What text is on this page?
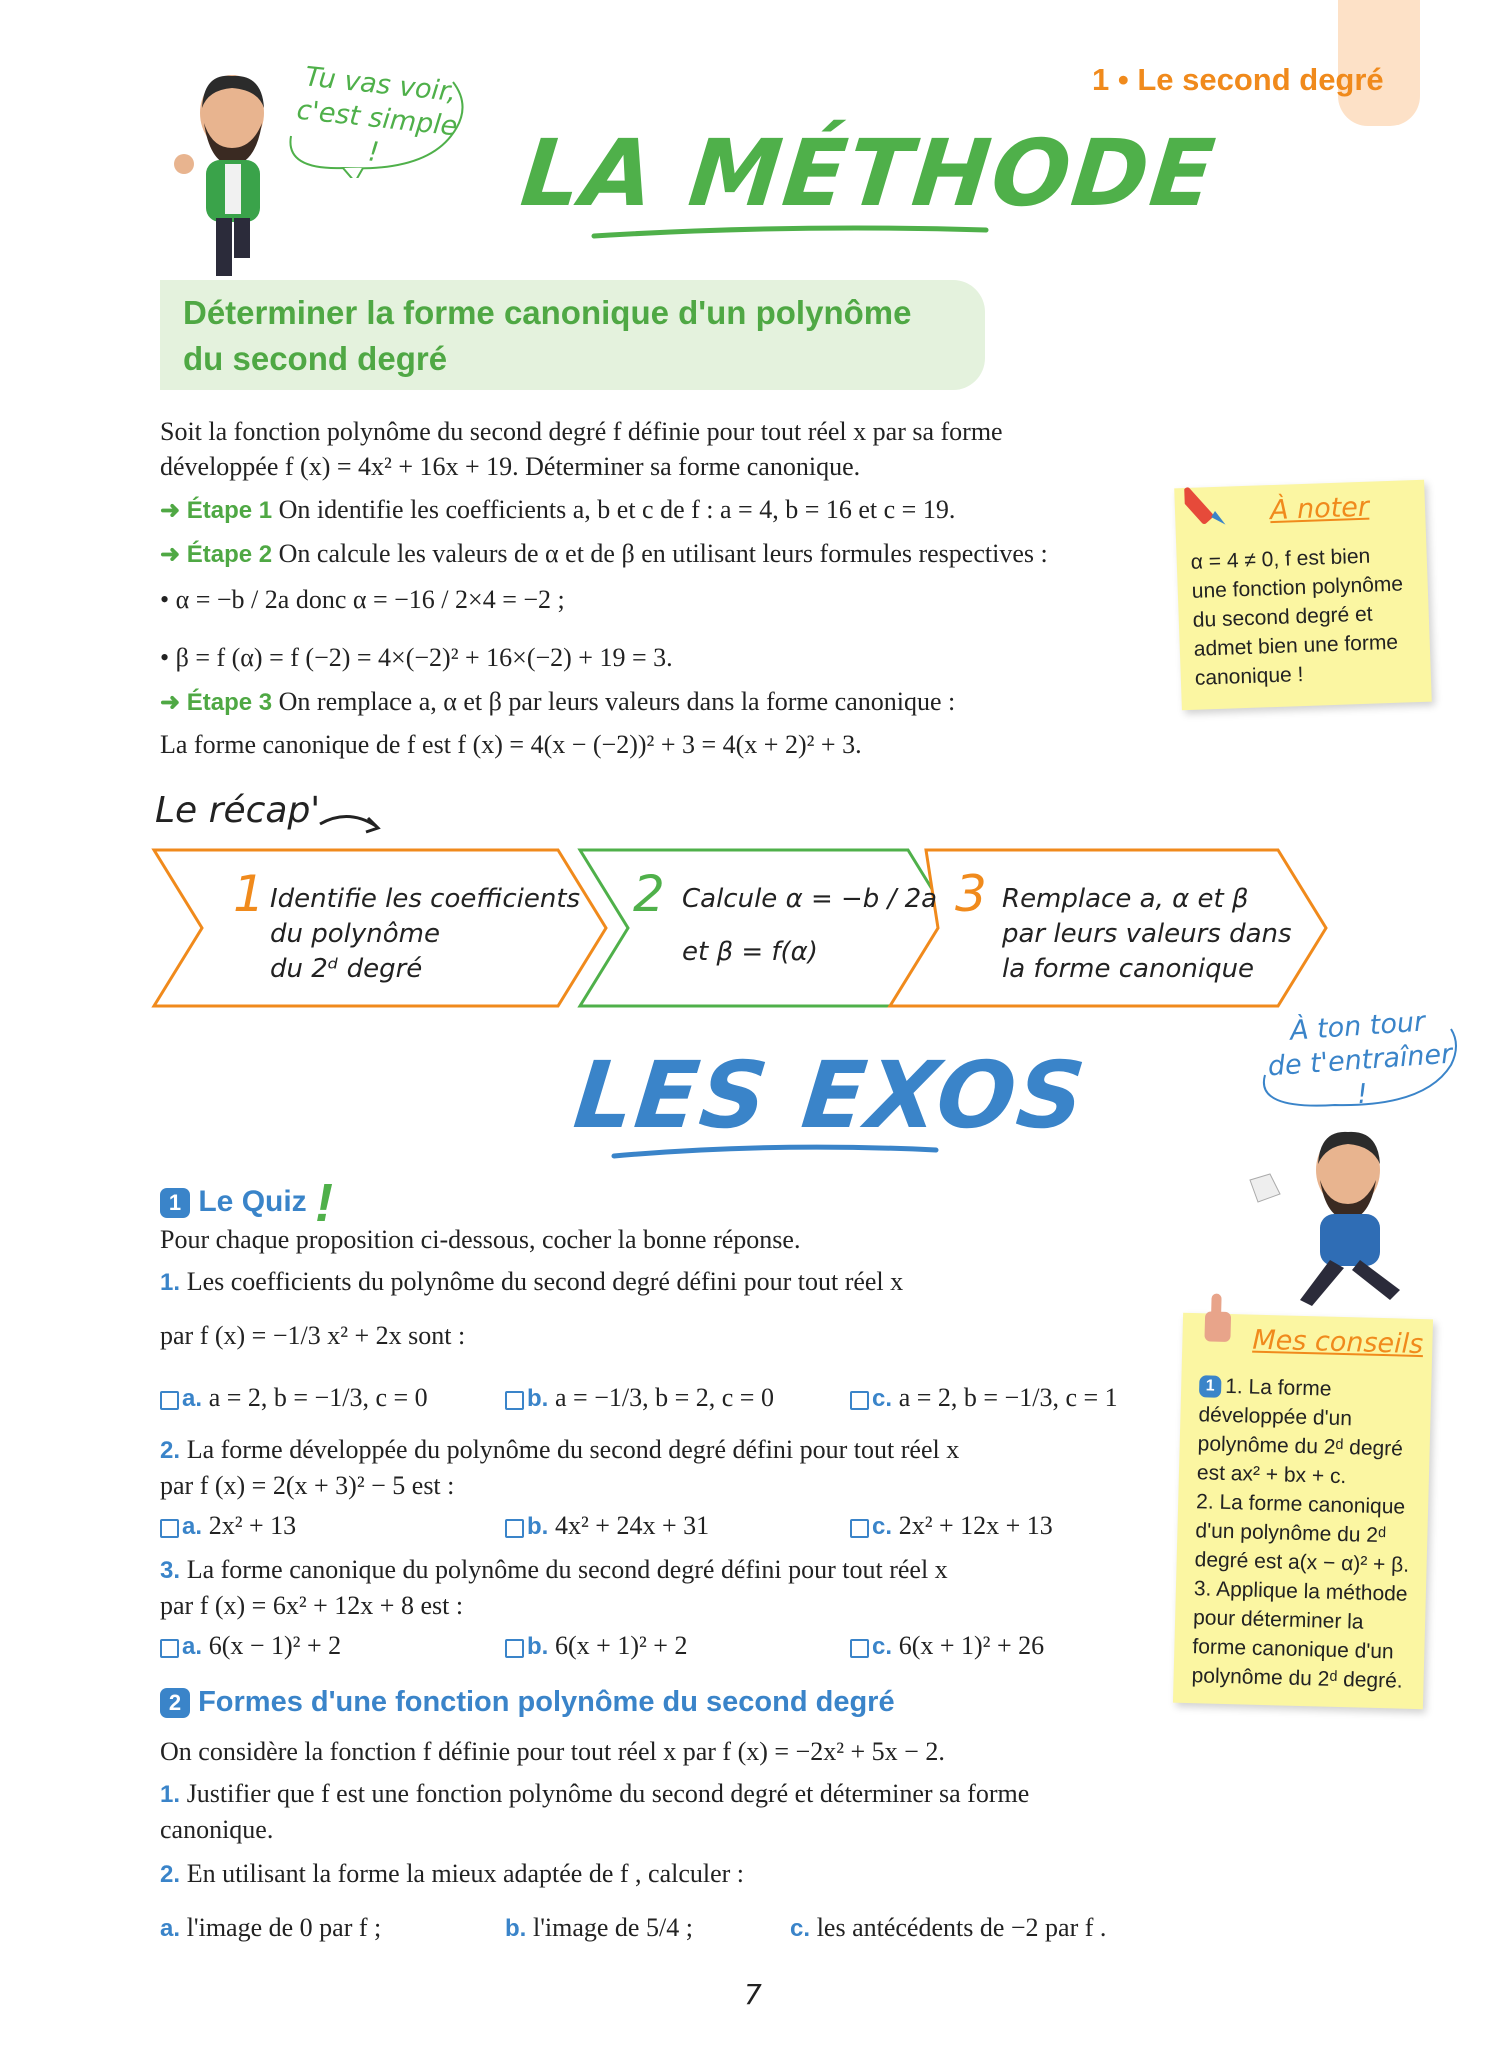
1 • Le second degré
Tu vas voir,
c'est simple !	LA MÉTHODE
Déterminer la forme canonique d'un polynôme
du second degré
Soit la fonction polynôme du second degré f définie pour tout réel x par sa forme
développée f (x) = 4x² + 16x + 19. Déterminer sa forme canonique.
➜ Étape 1 On identifie les coefficients a, b et c de f : a = 4, b = 16 et c = 19.
➜ Étape 2 On calcule les valeurs de α et de β en utilisant leurs formules respectives :
• α = −b / 2a donc α = −16 / 2×4 = −2 ;
• β = f (α) = f (−2) = 4×(−2)² + 16×(−2) + 19 = 3.
➜ Étape 3 On remplace a, α et β par leurs valeurs dans la forme canonique :
La forme canonique de f est f (x) = 4(x − (−2))² + 3 = 4(x + 2)² + 3.
À noter
α = 4 ≠ 0, f est bien
une fonction polynôme
du second degré et
admet bien une forme
canonique !
Le récap'
1 Identifie les coefficients
du polynôme
du 2ᵈ degré
2 Calcule α = −b / 2a
et β = f(α)
3 Remplace a, α et β
par leurs valeurs dans
la forme canonique
À ton tour
de t'entraîner !
LES EXOS
1 Le Quiz !
Pour chaque proposition ci-dessous, cocher la bonne réponse.
1. Les coefficients du polynôme du second degré défini pour tout réel x
par f (x) = −1/3 x² + 2x sont :
a. a = 2, b = −1/3, c = 0	b. a = −1/3, b = 2, c = 0	c. a = 2, b = −1/3, c = 1
2. La forme développée du polynôme du second degré défini pour tout réel x
par f (x) = 2(x + 3)² − 5 est :
a. 2x² + 13	b. 4x² + 24x + 31	c. 2x² + 12x + 13
3. La forme canonique du polynôme du second degré défini pour tout réel x
par f (x) = 6x² + 12x + 8 est :
a. 6(x − 1)² + 2	b. 6(x + 1)² + 2	c. 6(x + 1)² + 26
2 Formes d'une fonction polynôme du second degré
On considère la fonction f définie pour tout réel x par f (x) = −2x² + 5x − 2.
1. Justifier que f est une fonction polynôme du second degré et déterminer sa forme
canonique.
2. En utilisant la forme la mieux adaptée de f , calculer :
a. l'image de 0 par f ;	b. l'image de 5/4 ;	c. les antécédents de −2 par f .
Mes conseils
1 1. La forme
développée d'un
polynôme du 2ᵈ degré
est ax² + bx + c.
2. La forme canonique
d'un polynôme du 2ᵈ
degré est a(x − α)² + β.
3. Applique la méthode
pour déterminer la
forme canonique d'un
polynôme du 2ᵈ degré.
7
